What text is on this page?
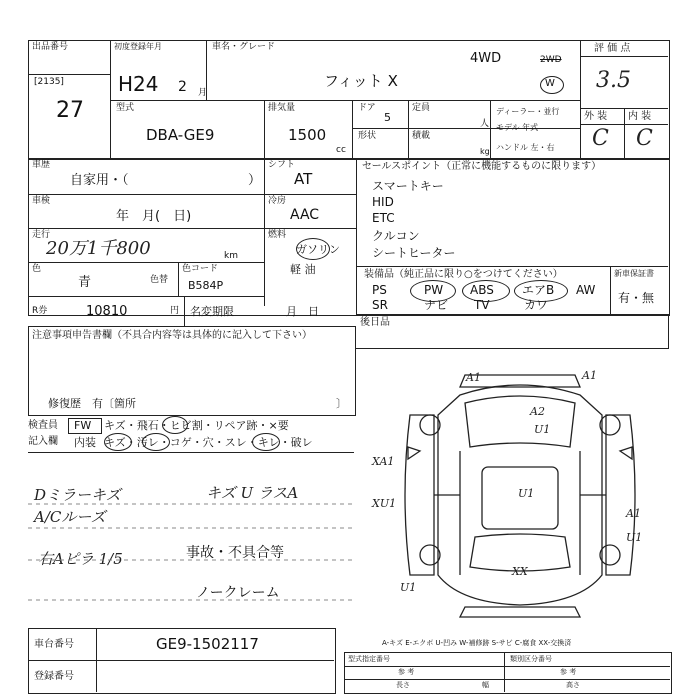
出品番号
[2135]
27
初度登録年月
H24 2 月
車名・グレード
フィット X
4WD	2WD
W
評 価 点
3.5
外 装 内 装
C C
型式
DBA-GE9
排気量
1500
cc
ドア
5
定員
人
形状	積載
kg
ディーラー・並行
モデル 年式
ハンドル 左・右
車歴
自家用・（	）
シフト
AT
車検
年　月(　日)
冷房
AAC
走行
20万1千800	km
燃料
ガソリン
軽 油
色
青	色替
色コード
B584P
R券	10810	円 名変期限	月　日
セールスポイント（正常に機能するものに限ります）
スマートキー
HID
ETC
クルコン
シートヒーター
装備品（純正品に限り○をつけてください）
PS	PW ABS エアB AW
SR	ナビ TV	カワ
新車保証書
有・無
後日品
注意事項申告書欄（不具合内容等は具体的に記入して下さい）
修復歴　有〔箇所	〕
検査員 FW キズ・飛石・ヒビ割・リペア跡・×要
記入欄 内装 キズ・汚レ・コゲ・穴・スレ・キレ・破レ
Dミラーキズ
A/Cルーズ
キズ U ラスA
右Aピラ 1/5	事故・不具合等
ノークレーム
A1	A1
A2
U1
XA1
XU1
U1
A1
U1
XX
U1
車台番号	GE9-1502117
登録番号
A-キズ E-エクボ U-凹み W-補修跡 S-サビ C-腐食 XX-交換済
型式指定番号	類別区分番号
参 考	参 考
長さ	幅	高さ
